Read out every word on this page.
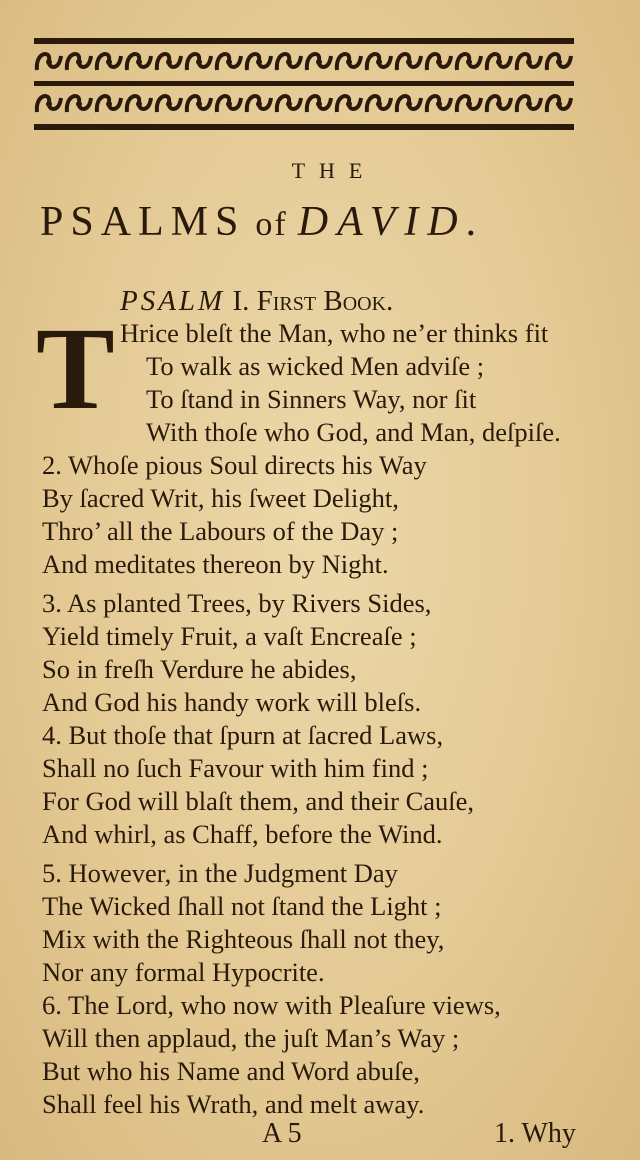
THE
PSALMS of DAVID.
PSALM I. First Book.
T Hrice bleſt the Man, who ne’er thinks fit
To walk as wicked Men adviſe ;
To ſtand in Sinners Way, nor ſit
With thoſe who God, and Man, deſpiſe.
2. Whoſe pious Soul directs his Way
By ſacred Writ, his ſweet Delight,
Thro’ all the Labours of the Day ;
And meditates thereon by Night.
3. As planted Trees, by Rivers Sides,
Yield timely Fruit, a vaſt Encreaſe ;
So in freſh Verdure he abides,
And God his handy work will bleſs.
4. But thoſe that ſpurn at ſacred Laws,
Shall no ſuch Favour with him find ;
For God will blaſt them, and their Cauſe,
And whirl, as Chaff, before the Wind.
5. However, in the Judgment Day
The Wicked ſhall not ſtand the Light ;
Mix with the Righteous ſhall not they,
Nor any formal Hypocrite.
6. The Lord, who now with Pleaſure views,
Will then applaud, the juſt Man’s Way ;
But who his Name and Word abuſe,
Shall feel his Wrath, and melt away.
A 5	1. Why
